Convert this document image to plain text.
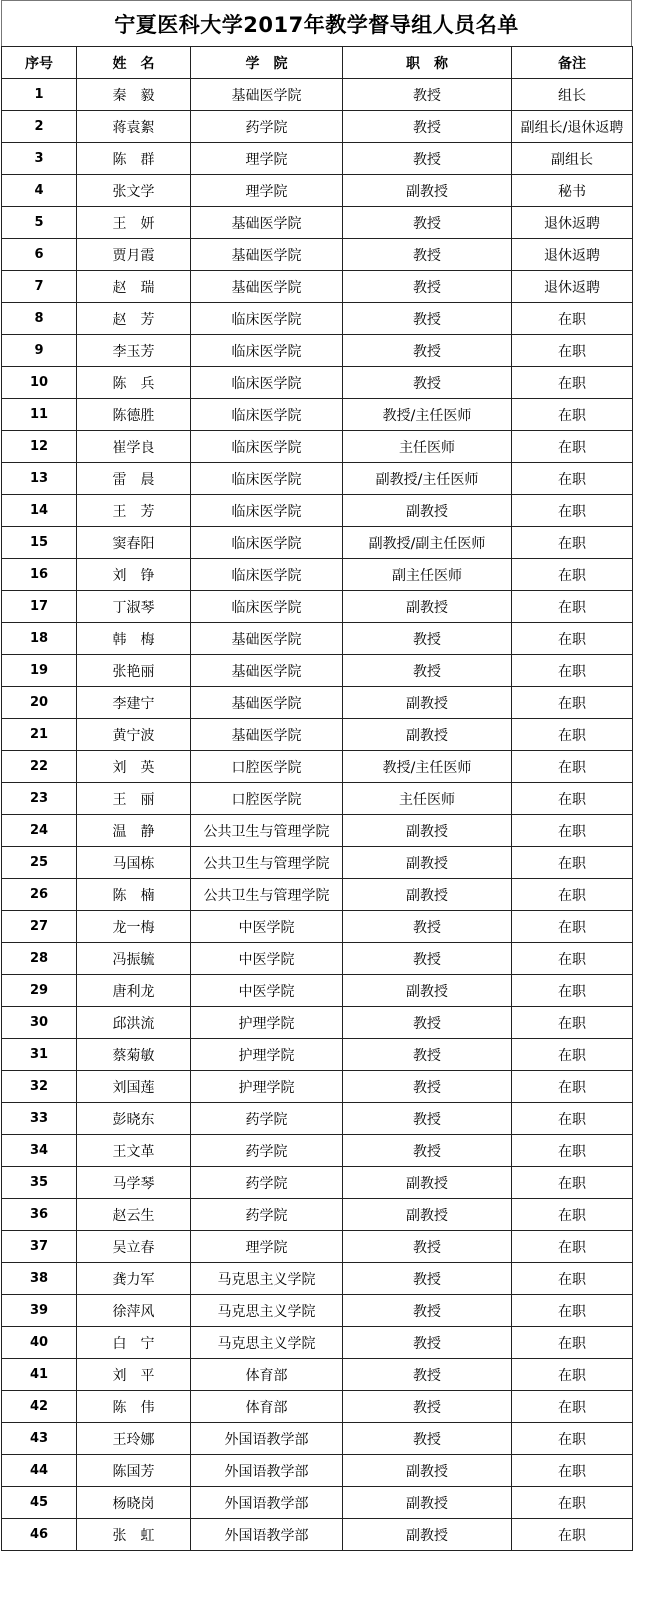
宁夏医科大学2017年教学督导组人员名单
序号	姓　名	学　院	职　称	备注
1	秦　毅	基础医学院	教授	组长
2	蒋袁絮	药学院	教授	副组长/退休返聘
3	陈　群	理学院	教授	副组长
4	张文学	理学院	副教授	秘书
5	王　妍	基础医学院	教授	退休返聘
6	贾月霞	基础医学院	教授	退休返聘
7	赵　瑞	基础医学院	教授	退休返聘
8	赵　芳	临床医学院	教授	在职
9	李玉芳	临床医学院	教授	在职
10	陈　兵	临床医学院	教授	在职
11	陈德胜	临床医学院	教授/主任医师	在职
12	崔学良	临床医学院	主任医师	在职
13	雷　晨	临床医学院	副教授/主任医师	在职
14	王　芳	临床医学院	副教授	在职
15	窦春阳	临床医学院	副教授/副主任医师	在职
16	刘　铮	临床医学院	副主任医师	在职
17	丁淑琴	临床医学院	副教授	在职
18	韩　梅	基础医学院	教授	在职
19	张艳丽	基础医学院	教授	在职
20	李建宁	基础医学院	副教授	在职
21	黄宁波	基础医学院	副教授	在职
22	刘　英	口腔医学院	教授/主任医师	在职
23	王　丽	口腔医学院	主任医师	在职
24	温　静	公共卫生与管理学院	副教授	在职
25	马国栋	公共卫生与管理学院	副教授	在职
26	陈　楠	公共卫生与管理学院	副教授	在职
27	龙一梅	中医学院	教授	在职
28	冯振毓	中医学院	教授	在职
29	唐利龙	中医学院	副教授	在职
30	邱洪流	护理学院	教授	在职
31	蔡菊敏	护理学院	教授	在职
32	刘国莲	护理学院	教授	在职
33	彭晓东	药学院	教授	在职
34	王文革	药学院	教授	在职
35	马学琴	药学院	副教授	在职
36	赵云生	药学院	副教授	在职
37	吴立春	理学院	教授	在职
38	龚力军	马克思主义学院	教授	在职
39	徐萍风	马克思主义学院	教授	在职
40	白　宁	马克思主义学院	教授	在职
41	刘　平	体育部	教授	在职
42	陈　伟	体育部	教授	在职
43	王玲娜	外国语教学部	教授	在职
44	陈国芳	外国语教学部	副教授	在职
45	杨晓岗	外国语教学部	副教授	在职
46	张　虹	外国语教学部	副教授	在职
